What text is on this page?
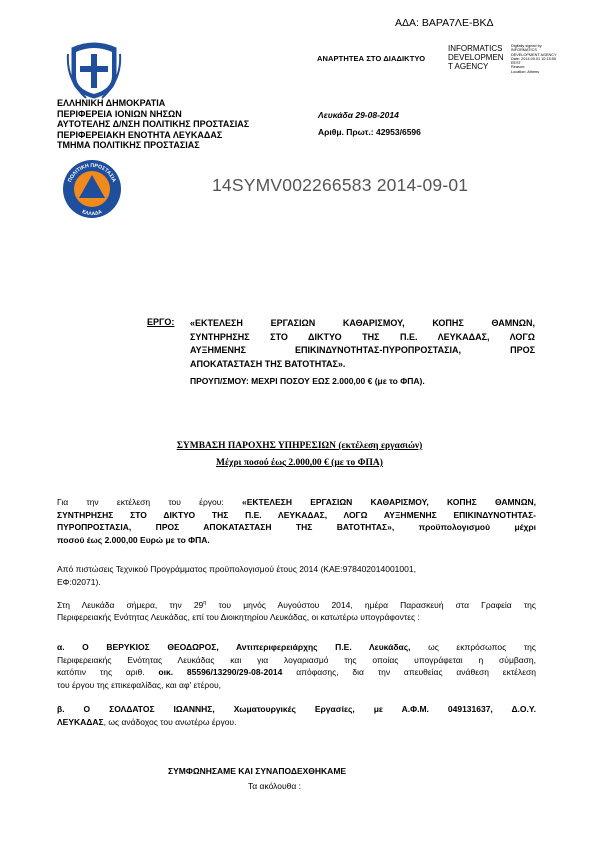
ΑΔΑ: ΒΑΡΑ7ΛΕ-ΒΚΔ
ΑΝΑΡΤΗΤΕΑ ΣΤΟ ΔΙΑΔΙΚΤΥΟ
INFORMATICS
DEVELOPMEN
T AGENCY
Digitally signed by
INFORMATICS
DEVELOPMENT AGENCY
Date: 2014.09.01 10:15:55
EEST
Reason:
Location: Athens
ΕΛΛΗΝΙΚΗ ΔΗΜΟΚΡΑΤΙΑ
ΠΕΡΙΦΕΡΕΙΑ ΙΟΝΙΩΝ ΝΗΣΩΝ
ΑΥΤΟΤΕΛΗΣ Δ/ΝΣΗ ΠΟΛΙΤΙΚΗΣ ΠΡΟΣΤΑΣΙΑΣ
ΠΕΡΙΦΕΡΕΙΑΚΗ ΕΝΟΤΗΤΑ ΛΕΥΚΑΔΑΣ
ΤΜΗΜΑ ΠΟΛΙΤΙΚΗΣ ΠΡΟΣΤΑΣΙΑΣ
Λευκάδα 29-08-2014
Αριθμ. Πρωτ.: 42953/6596
ΠΟΛΙΤΙΚΗ ΠΡΟΣΤΑΣΙΑ
ΕΛΛΑΔΑ
14SYMV002266583 2014-09-01
ΕΡΓΟ: «ΕΚΤΕΛΕΣΗ ΕΡΓΑΣΙΩΝ ΚΑΘΑΡΙΣΜΟΥ, ΚΟΠΗΣ ΘΑΜΝΩΝ,
ΣΥΝΤΗΡΗΣΗΣ ΣΤΟ ΔΙΚΤΥΟ ΤΗΣ Π.Ε. ΛΕΥΚΑΔΑΣ, ΛΟΓΩ
ΑΥΞΗΜΕΝΗΣ ΕΠΙΚΙΝΔΥΝΟΤΗΤΑΣ-ΠΥΡΟΠΡΟΣΤΑΣΙΑ, ΠΡΟΣ
ΑΠΟΚΑΤΑΣΤΑΣΗ ΤΗΣ ΒΑΤΟΤΗΤΑΣ».
ΠΡΟΥΠ/ΣΜΟΥ: ΜΕΧΡΙ ΠΟΣΟΥ ΕΩΣ 2.000,00 € (με το ΦΠΑ).
ΣΥΜΒΑΣΗ ΠΑΡΟΧΗΣ ΥΠΗΡΕΣΙΩΝ (εκτέλεση εργασιών)
Μέχρι ποσού έως 2.000,00 € (με το ΦΠΑ)
Για την εκτέλεση του έργου: «ΕΚΤΕΛΕΣΗ ΕΡΓΑΣΙΩΝ ΚΑΘΑΡΙΣΜΟΥ, ΚΟΠΗΣ ΘΑΜΝΩΝ,
ΣΥΝΤΗΡΗΣΗΣ ΣΤΟ ΔΙΚΤΥΟ ΤΗΣ Π.Ε. ΛΕΥΚΑΔΑΣ, ΛΟΓΩ ΑΥΞΗΜΕΝΗΣ ΕΠΙΚΙΝΔΥΝΟΤΗΤΑΣ-
ΠΥΡΟΠΡΟΣΤΑΣΙΑ, ΠΡΟΣ ΑΠΟΚΑΤΑΣΤΑΣΗ ΤΗΣ ΒΑΤΟΤΗΤΑΣ», προϋπολογισμού μέχρι
ποσού έως 2.000,00 Ευρώ με το ΦΠΑ.
Από πιστώσεις Τεχνικού Προγράμματος προϋπολογισμού έτους 2014 (ΚΑΕ:978402014001001,
ΕΦ:02071).
Στη Λευκάδα σήμερα, την $29^\eta$ του μηνός Αυγούστου 2014, ημέρα Παρασκευή στα Γραφεία της
Περιφερειακής Ενότητας Λευκάδας, επί του Διοικητηρίου Λευκάδας, οι κατωτέρω υπογράφοντες :
α. Ο ΒΕΡΥΚΙΟΣ ΘΕΟΔΩΡΟΣ, Αντιπεριφερειάρχης Π.Ε. Λευκάδας, ως εκπρόσωπος της
Περιφερειακής Ενότητας Λευκάδας και για λογαριασμό της οποίας υπογράφεται η σύμβαση,
κατόπιν της αριθ. οικ. 85596/13290/29-08-2014 απόφασης, δια την απευθείας ανάθεση εκτέλεση
του έργου της επικεφαλίδας, και αφ' ετέρου,
β. Ο ΣΟΛΔΑΤΟΣ ΙΩΑΝΝΗΣ, Χωματουργικές Εργασίες, με Α.Φ.Μ. 049131637, Δ.Ο.Υ.
ΛΕΥΚΑΔΑΣ, ως ανάδοχος του ανωτέρω έργου.
ΣΥΜΦΩΝΗΣΑΜΕ ΚΑΙ ΣΥΝΑΠΟΔΕΧΘΗΚΑΜΕ
Τα ακόλουθα :
